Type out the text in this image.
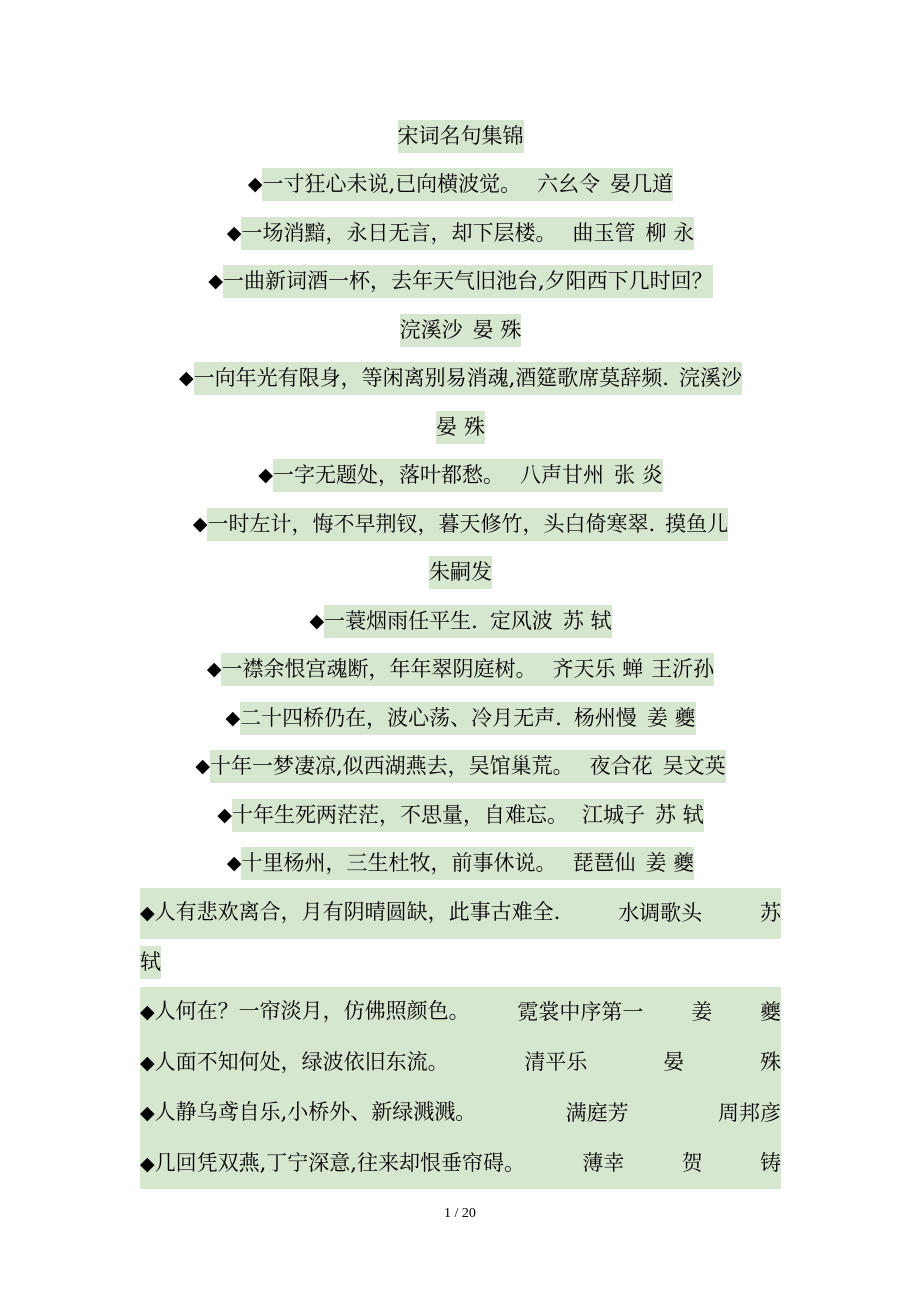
宋词名句集锦
◆ 一寸狂心未说,已向横波觉。 六幺令 晏几道
◆ 一场消黯，永日无言，却下层楼。 曲玉管 柳 永
◆ 一曲新词酒一杯，去年天气旧池台,夕阳西下几时回？
浣溪沙 晏 殊
◆ 一向年光有限身，等闲离别易消魂,酒筵歌席莫辞频. 浣溪沙
晏 殊
◆ 一字无题处，落叶都愁。 八声甘州 张 炎
◆ 一时左计，悔不早荆钗，暮天修竹，头白倚寒翠. 摸鱼儿
朱嗣发
◆ 一蓑烟雨任平生. 定风波 苏 轼
◆ 一襟余恨宫魂断，年年翠阴庭树。 齐天乐 蝉 王沂孙
◆ 二十四桥仍在，波心荡、冷月无声. 杨州慢 姜 夔
◆ 十年一梦凄凉,似西湖燕去，吴馆巢荒。 夜合花 吴文英
◆ 十年生死两茫茫，不思量，自难忘。 江城子 苏 轼
◆ 十里杨州，三生杜牧，前事休说。 琵琶仙 姜 夔
◆人有悲欢离合，月有阴晴圆缺，此事古难全.	水调歌头	苏
轼
◆人何在？一帘淡月，仿佛照颜色。 霓裳中序第一 姜 夔
◆人面不知何处，绿波依旧东流。	清平乐	晏	殊
◆人静乌鸢自乐,小桥外、新绿溅溅。	满庭芳	周邦彦
◆几回凭双燕,丁宁深意,往来却恨垂帘碍。	薄幸	贺	铸
1 / 20
